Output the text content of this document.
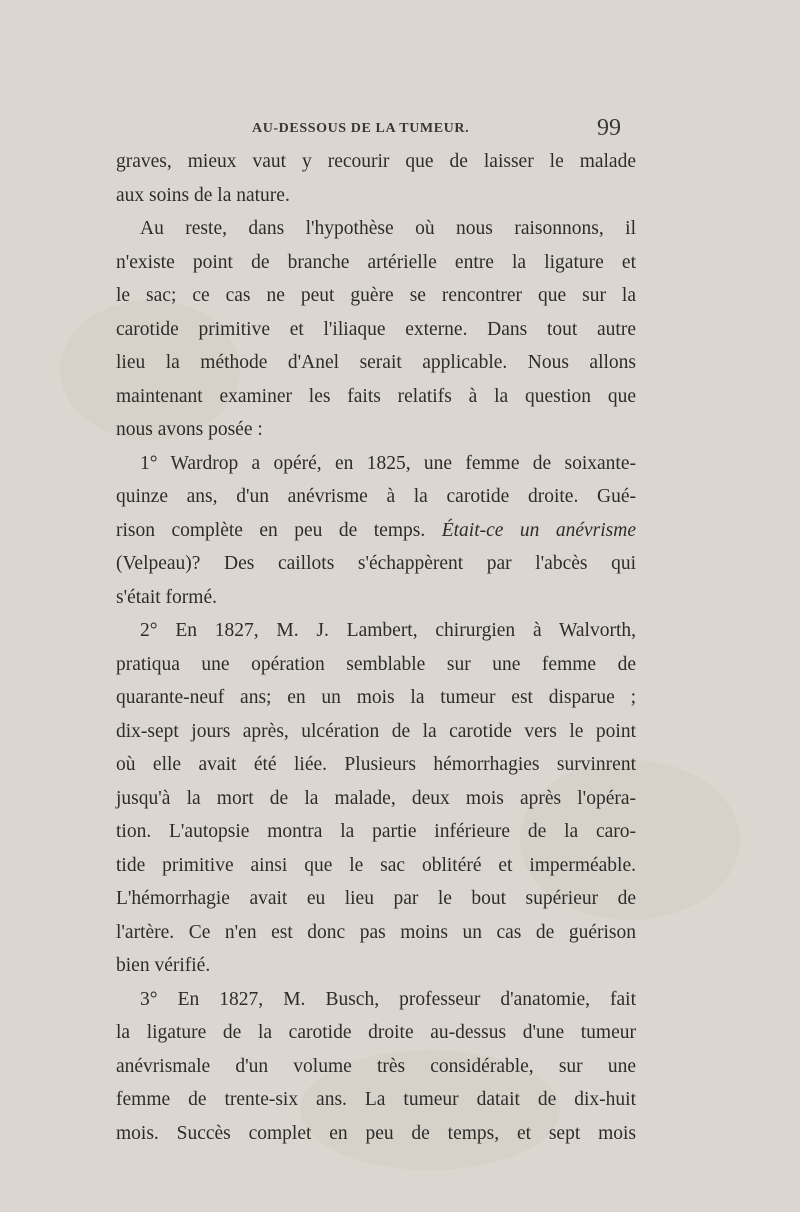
AU-DESSOUS DE LA TUMEUR.	99
graves, mieux vaut y recourir que de laisser le malade
aux soins de la nature.
Au reste, dans l'hypothèse où nous raisonnons, il
n'existe point de branche artérielle entre la ligature et
le sac; ce cas ne peut guère se rencontrer que sur la
carotide primitive et l'iliaque externe. Dans tout autre
lieu la méthode d'Anel serait applicable. Nous allons
maintenant examiner les faits relatifs à la question que
nous avons posée :
1° Wardrop a opéré, en 1825, une femme de soixante-
quinze ans, d'un anévrisme à la carotide droite. Gué-
rison complète en peu de temps. Était-ce un anévrisme
(Velpeau)? Des caillots s'échappèrent par l'abcès qui
s'était formé.
2° En 1827, M. J. Lambert, chirurgien à Walvorth,
pratiqua une opération semblable sur une femme de
quarante-neuf ans; en un mois la tumeur est disparue ;
dix-sept jours après, ulcération de la carotide vers le point
où elle avait été liée. Plusieurs hémorrhagies survinrent
jusqu'à la mort de la malade, deux mois après l'opéra-
tion. L'autopsie montra la partie inférieure de la caro-
tide primitive ainsi que le sac oblitéré et imperméable.
L'hémorrhagie avait eu lieu par le bout supérieur de
l'artère. Ce n'en est donc pas moins un cas de guérison
bien vérifié.
3° En 1827, M. Busch, professeur d'anatomie, fait
la ligature de la carotide droite au-dessus d'une tumeur
anévrismale d'un volume très considérable, sur une
femme de trente-six ans. La tumeur datait de dix-huit
mois. Succès complet en peu de temps, et sept mois
